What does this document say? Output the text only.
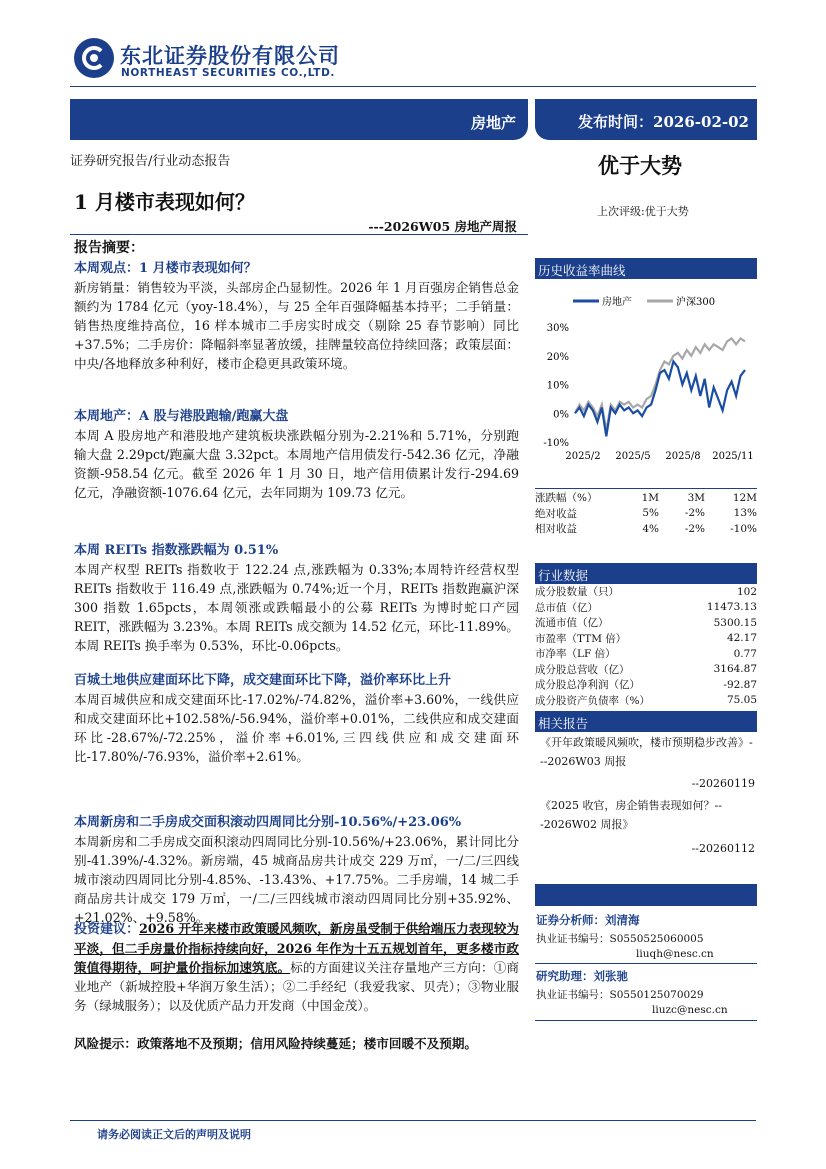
东北证券股份有限公司
NORTHEAST SECURITIES CO.,LTD.
房地产	发布时间：2026-02-02
证券研究报告/行业动态报告	优于大势
1 月楼市表现如何？	上次评级:优于大势
---2026W05 房地产周报
报告摘要：
本周观点：1 月楼市表现如何？
新房销量：销售较为平淡，头部房企凸显韧性。2026 年 1 月百强房企销售总金额约为 1784 亿元（yoy-18.4%），与 25 全年百强降幅基本持平；二手销量：销售热度维持高位，16 样本城市二手房实时成交（剔除 25 春节影响）同比+37.5%；二手房价：降幅斜率显著放缓，挂牌量较高位持续回落；政策层面：中央/各地释放多种利好，楼市企稳更具政策环境。
本周地产：A 股与港股跑输/跑赢大盘
本周 A 股房地产和港股地产建筑板块涨跌幅分别为-2.21%和 5.71%，分别跑输大盘 2.29pct/跑赢大盘 3.32pct。本周地产信用债发行-542.36 亿元，净融资额-958.54 亿元。截至 2026 年 1 月 30 日，地产信用债累计发行-294.69 亿元，净融资额-1076.64 亿元，去年同期为 109.73 亿元。
本周 REITs 指数涨跌幅为 0.51%
本周产权型 REITs 指数收于 122.24 点,涨跌幅为 0.33%;本周特许经营权型 REITs 指数收于 116.49 点,涨跌幅为 0.74%;近一个月，REITs 指数跑赢沪深 300 指数 1.65pcts，本周领涨或跌幅最小的公募 REITs 为博时蛇口产园 REIT，涨跌幅为 3.23%。本周 REITs 成交额为 14.52 亿元，环比-11.89%。本周 REITs 换手率为 0.53%，环比-0.06pcts。
百城土地供应建面环比下降，成交建面环比下降，溢价率环比上升
本周百城供应和成交建面环比-17.02%/-74.82%，溢价率+3.60%，一线供应和成交建面环比+102.58%/-56.94%，溢价率+0.01%，二线供应和成交建面环比-28.67%/-72.25%，溢价率+6.01%,三四线供应和成交建面环比-17.80%/-76.93%，溢价率+2.61%。
本周新房和二手房成交面积滚动四周同比分别-10.56%/+23.06%
本周新房和二手房成交面积滚动四周同比分别-10.56%/+23.06%，累计同比分别-41.39%/-4.32%。新房端，45 城商品房共计成交 229 万㎡，一/二/三四线城市滚动四周同比分别-4.85%、-13.43%、+17.75%。二手房端，14 城二手商品房共计成交 179 万㎡，一/二/三四线城市滚动四周同比分别+35.92%、+21.02%、+9.58%。
投资建议：2026 开年来楼市政策暖风频吹，新房虽受制于供给端压力表现较为平淡，但二手房量价指标持续向好，2026 年作为十五五规划首年，更多楼市政策值得期待，呵护量价指标加速筑底。标的方面建议关注存量地产三方向：①商业地产（新城控股+华润万象生活）；②二手经纪（我爱我家、贝壳）；③物业服务（绿城服务）；以及优质产品力开发商（中国金茂）。
风险提示：政策落地不及预期；信用风险持续蔓延；楼市回暖不及预期。
历史收益率曲线
房地产	沪深300
30%
20%
10%
0%
-10%
2025/2 2025/5 2025/8 2025/11
涨跌幅（%）	1M	3M	12M
绝对收益	5%	-2%	13%
相对收益	4%	-2%	-10%
行业数据
成分股数量（只）	102
总市值（亿）	11473.13
流通市值（亿）	5300.15
市盈率（TTM 倍）	42.17
市净率（LF 倍）	0.77
成分股总营收（亿）	3164.87
成分股总净利润（亿）	-92.87
成分股资产负债率（%）	75.05
相关报告
《开年政策暖风频吹，楼市预期稳步改善》---2026W03 周报
--20260119
《2025 收官，房企销售表现如何？---2026W02 周报》
--20260112
证券分析师：刘清海
执业证书编号：S0550525060005
liuqh@nesc.cn
研究助理：刘张驰
执业证书编号：S0550125070029
liuzc@nesc.cn
请务必阅读正文后的声明及说明
